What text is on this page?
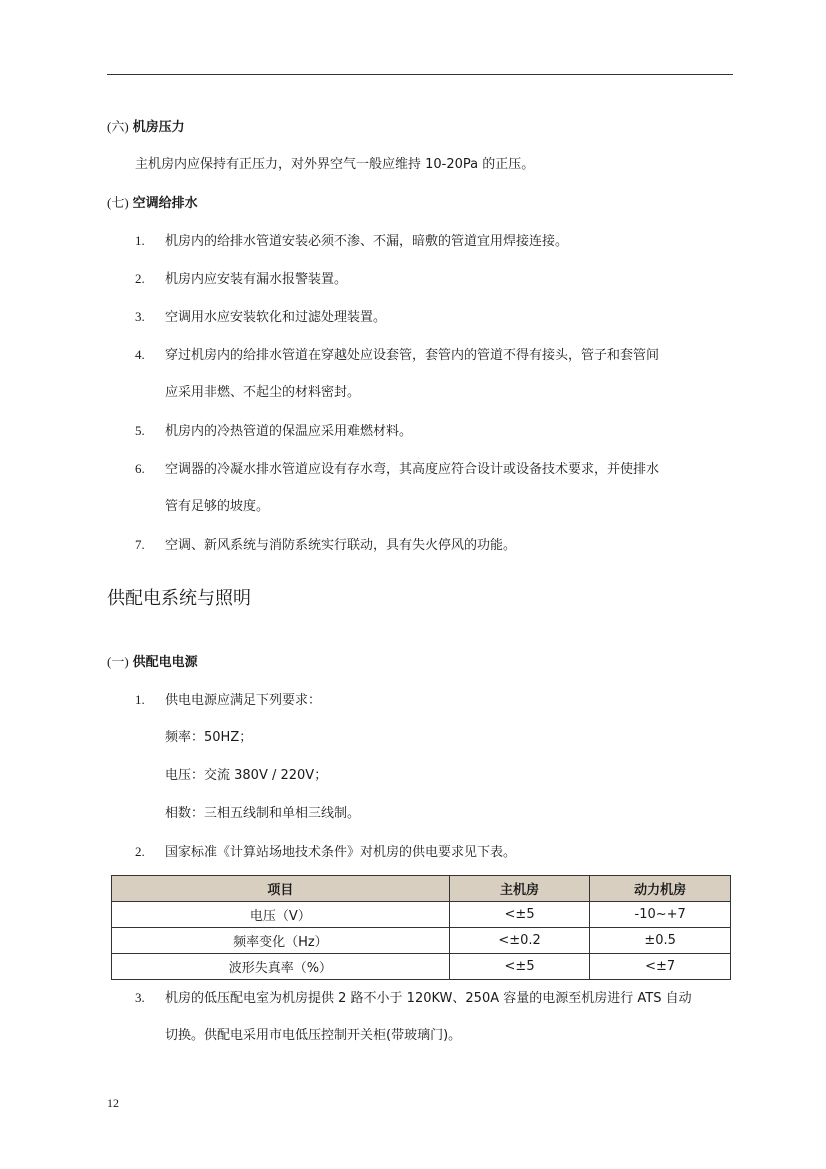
(六) 机房压力
主机房内应保持有正压力，对外界空气一般应维持 10-20Pa 的正压。
(七) 空调给排水
1. 机房内的给排水管道安装必须不渗、不漏，暗敷的管道宜用焊接连接。
2. 机房内应安装有漏水报警装置。
3. 空调用水应安装软化和过滤处理装置。
4. 穿过机房内的给排水管道在穿越处应设套管，套管内的管道不得有接头，管子和套管间
应采用非燃、不起尘的材料密封。
5. 机房内的冷热管道的保温应采用难燃材料。
6. 空调器的冷凝水排水管道应设有存水弯，其高度应符合设计或设备技术要求，并使排水
管有足够的坡度。
7. 空调、新风系统与消防系统实行联动，具有失火停风的功能。
供配电系统与照明
(一) 供配电电源
1. 供电电源应满足下列要求：
频率：50HZ；
电压：交流 380V / 220V；
相数：三相五线制和单相三线制。
2. 国家标准《计算站场地技术条件》对机房的供电要求见下表。
项目	主机房	动力机房
电压（V）	<±5	-10~+7
频率变化（Hz）	<±0.2	±0.5
波形失真率（%）	<±5	<±7
3. 机房的低压配电室为机房提供 2 路不小于 120KW、250A 容量的电源至机房进行 ATS 自动
切换。供配电采用市电低压控制开关柜(带玻璃门)。
12
